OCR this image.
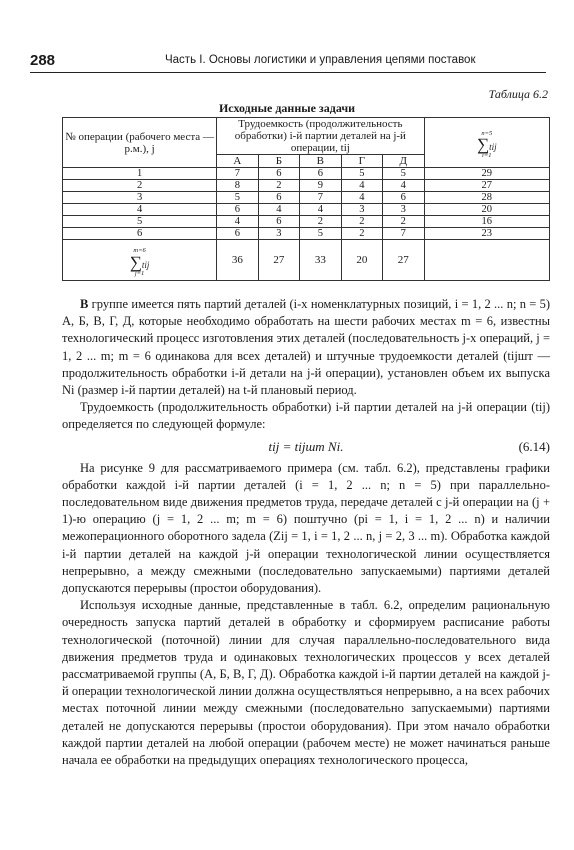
288	Часть I. Основы логистики и управления цепями поставок
Таблица 6.2
Исходные данные задачи
№ операции (рабочего места — р.м.), j	Трудоемкость (продолжительность обработки) i-й партии деталей на j-й операции, tij					n=5
∑tij
i=1

	А	Б	В	Г	Д	
1	7	6	6	5	5	29
2	8	2	9	4	4	27
3	5	6	7	4	6	28
4	6	4	4	3	3	20
5	4	6	2	2	2	16
6	6	3	5	2	7	23

m=6
∑tij
j=1	36	27	33	20	27	

В группе имеется пять партий деталей (i-х номенклатурных позиций, i = 1, 2 ... n; n = 5) А, Б, В, Г, Д, которые необходимо обработать на шести рабочих местах m = 6, известны технологический процесс изготовления этих деталей (последовательность j-х операций, j = 1, 2 ... m; m = 6 одинакова для всех деталей) и штучные трудоемкости деталей (tijшт — продолжительность обработки i-й детали на j-й операции), установлен объем их выпуска Ni (размер i-й партии деталей) на t-й плановый период.

Трудоемкость (продолжительность обработки) i-й партии деталей на j-й операции (tij) определяется по следующей формуле:

tij = tijшт Ni.	(6.14)

На рисунке 9 для рассматриваемого примера (см. табл. 6.2), представлены графики обработки каждой i-й партии деталей (i = 1, 2 ... n; n = 5) при параллельно-последовательном виде движения предметов труда, передаче деталей с j-й операции на (j + 1)-ю операцию (j = 1, 2 ... m; m = 6) поштучно (pi = 1, i = 1, 2 ... n) и наличии межоперационного оборотного задела (Zij = 1, i = 1, 2 ... n, j = 2, 3 ... m). Обработка каждой i-й партии деталей на каждой j-й операции технологической линии осуществляется непрерывно, а между смежными (последовательно запускаемыми) партиями деталей допускаются перерывы (простои оборудования).

Используя исходные данные, представленные в табл. 6.2, определим рациональную очередность запуска партий деталей в обработку и сформируем расписание работы технологической (поточной) линии для случая параллельно-последовательного вида движения предметов труда и одинаковых технологических процессов у всех деталей рассматриваемой группы (А, Б, В, Г, Д). Обработка каждой i-й партии деталей на каждой j-й операции технологической линии должна осуществляться непрерывно, а на всех рабочих местах поточной линии между смежными (последовательно запускаемыми) партиями деталей не допускаются перерывы (простои оборудования). При этом начало обработки каждой партии деталей на любой операции (рабочем месте) не может начинаться раньше начала ее обработки на предыдущих операциях технологического процесса,
